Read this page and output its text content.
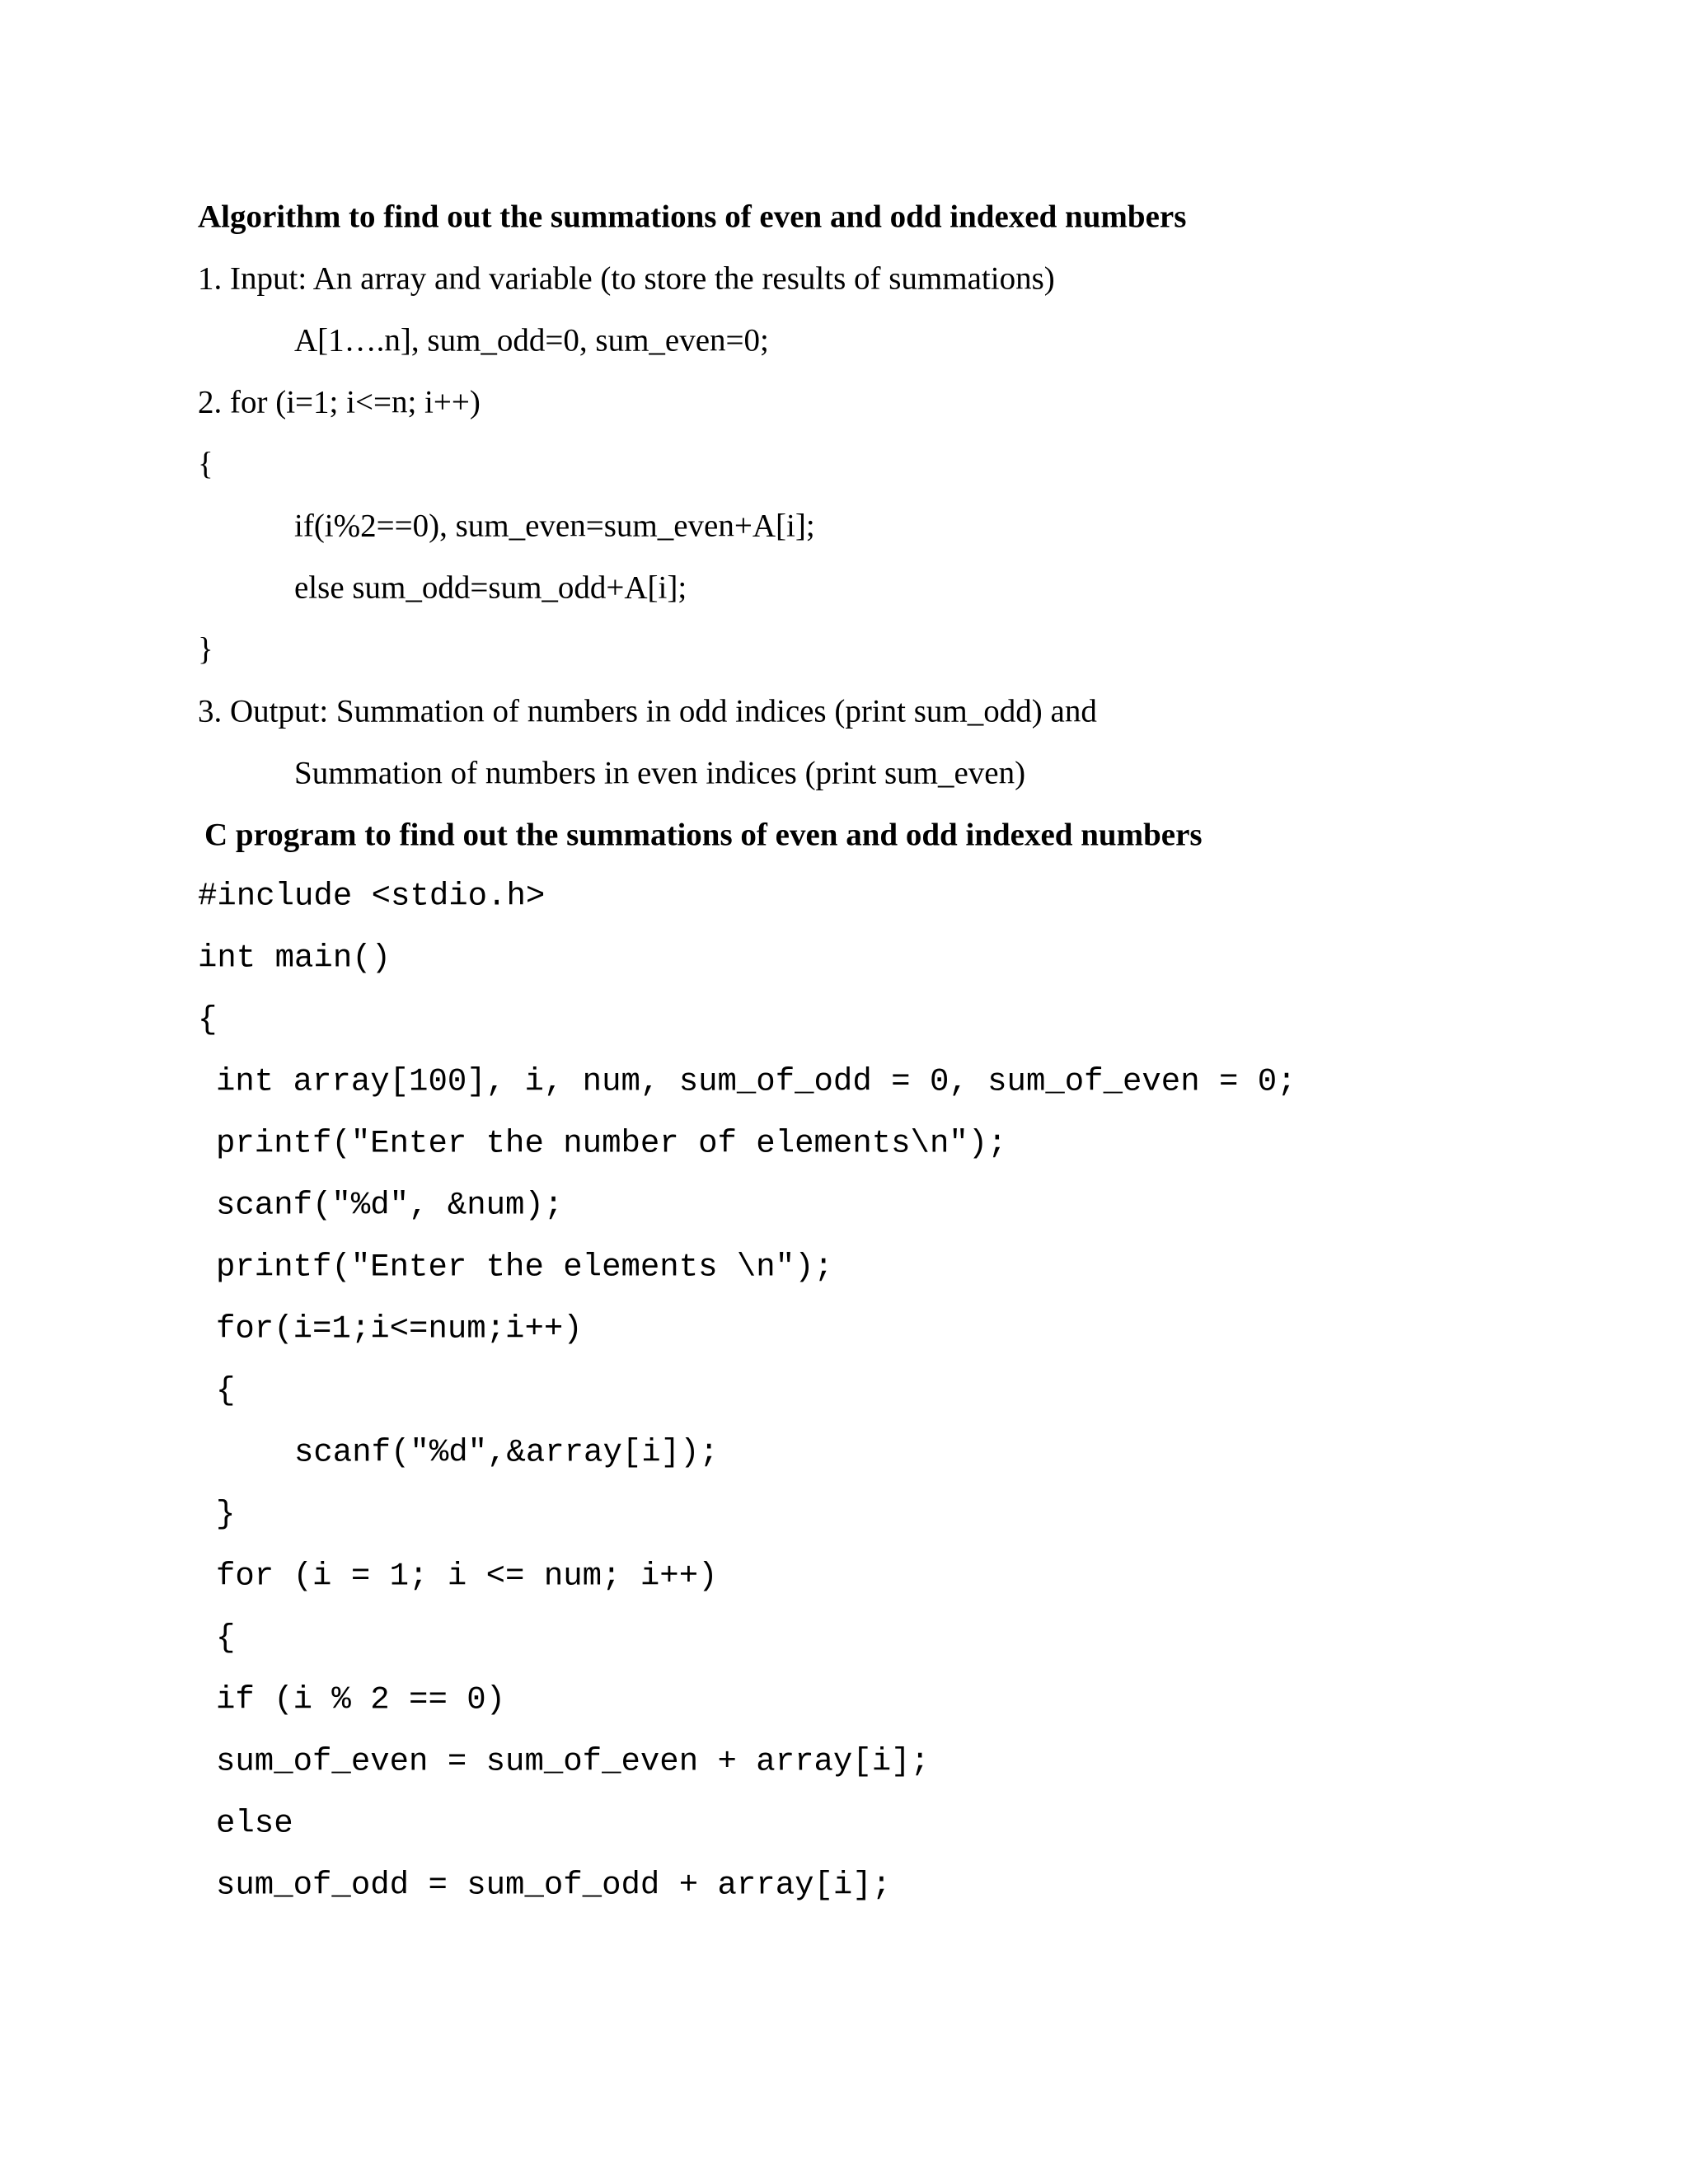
Algorithm to find out the summations of even and odd indexed numbers
1. Input: An array and variable (to store the results of summations)
A[1….n], sum_odd=0, sum_even=0;
2. for (i=1; i<=n; i++)
{
if(i%2==0), sum_even=sum_even+A[i];
else sum_odd=sum_odd+A[i];
}
3. Output: Summation of numbers in odd indices (print sum_odd) and
Summation of numbers in even indices (print sum_even)
C program to find out the summations of even and odd indexed numbers
#include <stdio.h>
int main()
{
int array[100], i, num, sum_of_odd = 0, sum_of_even = 0;
printf("Enter the number of elements\n");
scanf("%d", &num);
printf("Enter the elements \n");
for(i=1;i<=num;i++)
{
scanf("%d",&array[i]);
}
for (i = 1; i <= num; i++)
{
if (i % 2 == 0)
sum_of_even = sum_of_even + array[i];
else
sum_of_odd = sum_of_odd + array[i];
